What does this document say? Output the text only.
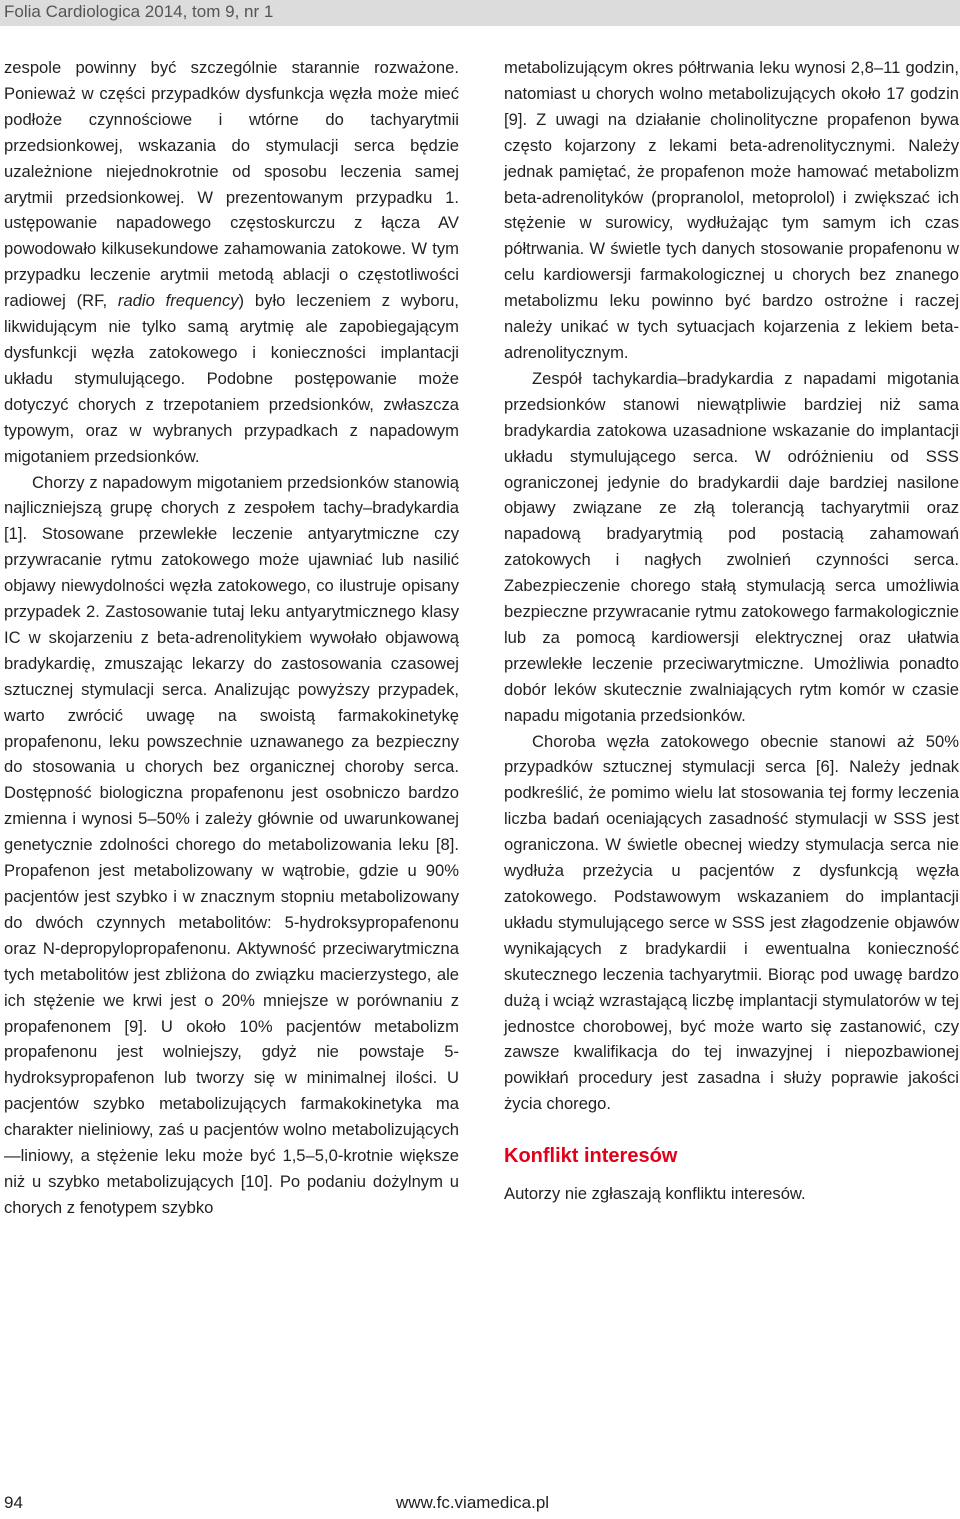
Folia Cardiologica 2014, tom 9, nr 1

zespole powinny być szczególnie starannie rozważone. Ponieważ w części przypadków dysfunkcja węzła może mieć podłoże czynnościowe i wtórne do tachyarytmii przedsionkowej, wskazania do stymulacji serca będzie uzależnione niejednokrotnie od sposobu leczenia samej arytmii przedsionkowej. W prezentowanym przypadku 1. ustępowanie napadowego częstoskurczu z łącza AV powodowało kilkusekundowe zahamowania zatokowe. W tym przypadku leczenie arytmii metodą ablacji o częstotliwości radiowej (RF, radio frequency) było leczeniem z wyboru, likwidującym nie tylko samą arytmię ale zapobiegającym dysfunkcji węzła zatokowego i konieczności implantacji układu stymulującego. Podobne postępowanie może dotyczyć chorych z trzepotaniem przedsionków, zwłaszcza typowym, oraz w wybranych przypadkach z napadowym migotaniem przedsionków.

Chorzy z napadowym migotaniem przedsionków stanowią najliczniejszą grupę chorych z zespołem tachy–bradykardia [1]. Stosowane przewlekłe leczenie antyarytmiczne czy przywracanie rytmu zatokowego może ujawniać lub nasilić objawy niewydolności węzła zatokowego, co ilustruje opisany przypadek 2. Zastosowanie tutaj leku antyarytmicznego klasy IC w skojarzeniu z beta-adrenolitykiem wywołało objawową bradykardię, zmuszając lekarzy do zastosowania czasowej sztucznej stymulacji serca. Analizując powyższy przypadek, warto zwrócić uwagę na swoistą farmakokinetykę propafenonu, leku powszechnie uznawanego za bezpieczny do stosowania u chorych bez organicznej choroby serca. Dostępność biologiczna propafenonu jest osobniczo bardzo zmienna i wynosi 5–50% i zależy głównie od uwarunkowanej genetycznie zdolności chorego do metabolizowania leku [8]. Propafenon jest metabolizowany w wątrobie, gdzie u 90% pacjentów jest szybko i w znacznym stopniu metabolizowany do dwóch czynnych metabolitów: 5-hydroksypropafenonu oraz N-depropylopropafenonu. Aktywność przeciwarytmiczna tych metabolitów jest zbliżona do związku macierzystego, ale ich stężenie we krwi jest o 20% mniejsze w porównaniu z propafenonem [9]. U około 10% pacjentów metabolizm propafenonu jest wolniejszy, gdyż nie powstaje 5-hydroksypropafenon lub tworzy się w minimalnej ilości. U pacjentów szybko metabolizujących farmakokinetyka ma charakter nieliniowy, zaś u pacjentów wolno metabolizujących —liniowy, a stężenie leku może być 1,5–5,0-krotnie większe niż u szybko metabolizujących [10]. Po podaniu dożylnym u chorych z fenotypem szybko

metabolizującym okres półtrwania leku wynosi 2,8–11 godzin, natomiast u chorych wolno metabolizujących około 17 godzin [9]. Z uwagi na działanie cholinolityczne propafenon bywa często kojarzony z lekami beta-adrenolitycznymi. Należy jednak pamiętać, że propafenon może hamować metabolizm beta-adrenolityków (propranolol, metoprolol) i zwiększać ich stężenie w surowicy, wydłużając tym samym ich czas półtrwania. W świetle tych danych stosowanie propafenonu w celu kardiowersji farmakologicznej u chorych bez znanego metabolizmu leku powinno być bardzo ostrożne i raczej należy unikać w tych sytuacjach kojarzenia z lekiem beta-adrenolitycznym.

Zespół tachykardia–bradykardia z napadami migotania przedsionków stanowi niewątpliwie bardziej niż sama bradykardia zatokowa uzasadnione wskazanie do implantacji układu stymulującego serca. W odróżnieniu od SSS ograniczonej jedynie do bradykardii daje bardziej nasilone objawy związane ze złą tolerancją tachyarytmii oraz napadową bradyarytmią pod postacią zahamowań zatokowych i nagłych zwolnień czynności serca. Zabezpieczenie chorego stałą stymulacją serca umożliwia bezpieczne przywracanie rytmu zatokowego farmakologicznie lub za pomocą kardiowersji elektrycznej oraz ułatwia przewlekłe leczenie przeciwarytmiczne. Umożliwia ponadto dobór leków skutecznie zwalniających rytm komór w czasie napadu migotania przedsionków.

Choroba węzła zatokowego obecnie stanowi aż 50% przypadków sztucznej stymulacji serca [6]. Należy jednak podkreślić, że pomimo wielu lat stosowania tej formy leczenia liczba badań oceniających zasadność stymulacji w SSS jest ograniczona. W świetle obecnej wiedzy stymulacja serca nie wydłuża przeżycia u pacjentów z dysfunkcją węzła zatokowego. Podstawowym wskazaniem do implantacji układu stymulującego serce w SSS jest złagodzenie objawów wynikających z bradykardii i ewentualna konieczność skutecznego leczenia tachyarytmii. Biorąc pod uwagę bardzo dużą i wciąż wzrastającą liczbę implantacji stymulatorów w tej jednostce chorobowej, być może warto się zastanowić, czy zawsze kwalifikacja do tej inwazyjnej i niepozbawionej powikłań procedury jest zasadna i służy poprawie jakości życia chorego.

Konflikt interesów

Autorzy nie zgłaszają konfliktu interesów.

94	www.fc.viamedica.pl
